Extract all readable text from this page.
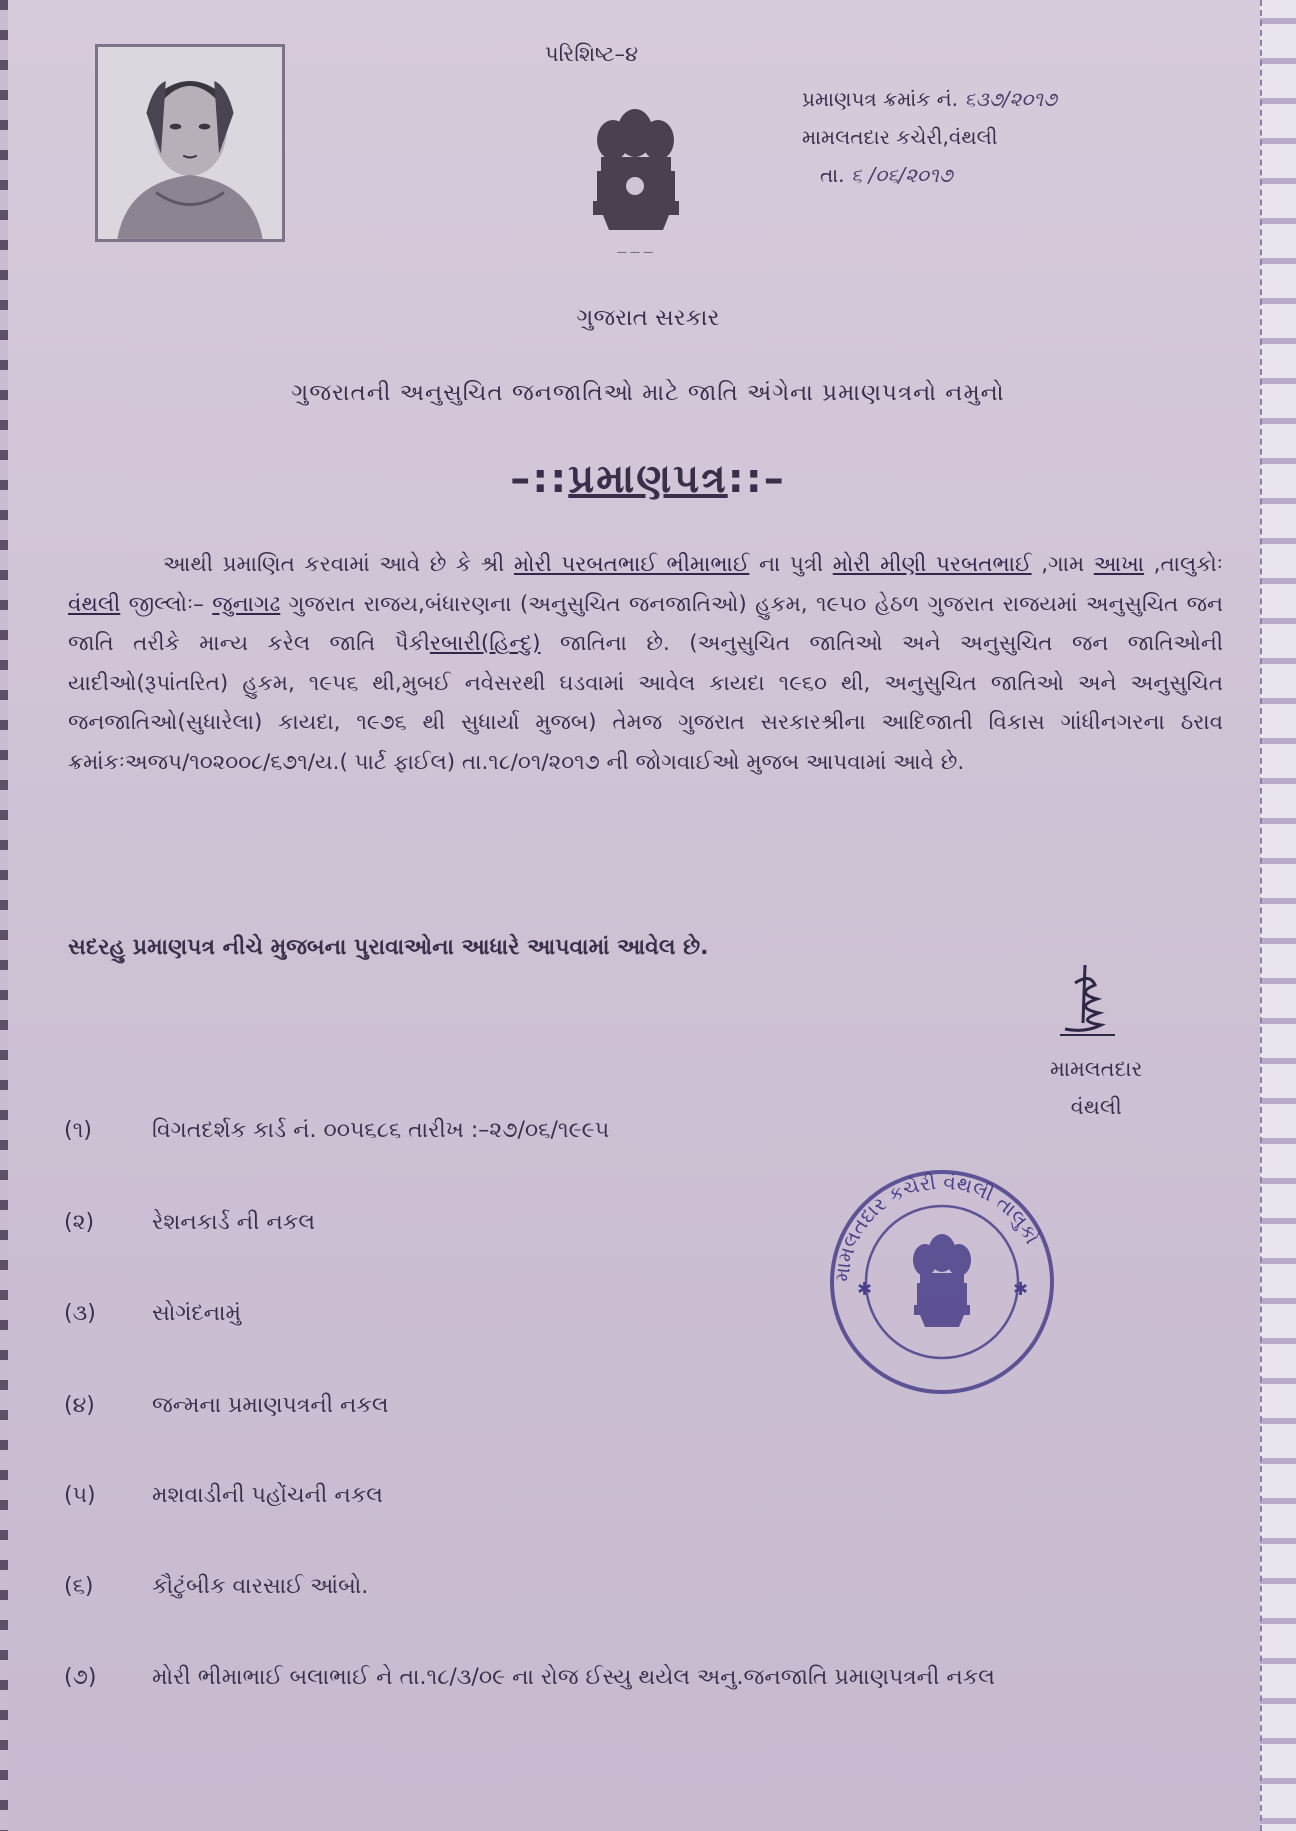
પરિશિષ્ટ–૪
— — —
પ્રમાણપત્ર ક્રમાંક નં. ૬૩૭/૨૦૧૭
મામલતદાર કચેરી,વંથલી
તા. ૬ /૦૬/૨૦૧૭
ગુજરાત સરકાર
ગુજરાતની અનુસુચિત જનજાતિઓ માટે જાતિ અંગેના પ્રમાણપત્રનો નમુનો
–::પ્રમાણપત્ર::–
આથી પ્રમાણિત કરવામાં આવે છે કે શ્રી મોરી પરબતભાઈ ભીમાભાઈ ના પુત્રી મોરી મીણી પરબતભાઈ ,ગામ આખા ,તાલુકોઃ વંથલી જીલ્લોઃ– જુનાગઢ ગુજરાત રાજય,બંધારણના (અનુસુચિત જનજાતિઓ) હુકમ, ૧૯૫૦ હેઠળ ગુજરાત રાજયમાં અનુસુચિત જન જાતિ તરીકે માન્ય કરેલ જાતિ પૈકીરબારી(હિન્દુ) જાતિના છે. (અનુસુચિત જાતિઓ અને અનુસુચિત જન જાતિઓની યાદીઓ(રૂપાંતરિત) હુકમ, ૧૯૫૬ થી,મુબઈ નવેસરથી ઘડવામાં આવેલ કાયદા ૧૯૬૦ થી, અનુસુચિત જાતિઓ અને અનુસુચિત જનજાતિઓ(સુધારેલા) કાયદા, ૧૯૭૬ થી સુધાર્યા મુજબ) તેમજ ગુજરાત સરકારશ્રીના આદિજાતી વિકાસ ગાંધીનગરના ઠરાવ ક્રમાંકઃઅજપ/૧૦૨૦૦૮/૬૭૧/ય.( પાર્ટ ફાઈલ) તા.૧૮/૦૧/૨૦૧૭ ની જોગવાઈઓ મુજબ આપવામાં આવે છે.
સદરહુ પ્રમાણપત્ર નીચે મુજબના પુરાવાઓના આધારે આપવામાં આવેલ છે.
મામલતદાર
વંથલી
(૧)	વિગતદર્શક કાર્ડ નં. ૦૦૫૬૮૬ તારીખ :–૨૭/૦૬/૧૯૯૫
(૨)	રેશનકાર્ડ ની નકલ
(૩)	સોગંદનામું
(૪)	જન્મના પ્રમાણપત્રની નકલ
(૫)	મશવાડીની પહોંચની નકલ
(૬)	કૌટુંબીક વારસાઈ આંબો.
(૭)	મોરી ભીમાભાઈ બલાભાઈ ને તા.૧૮/૩/૦૯ ના રોજ ઈસ્યુ થયેલ અનુ.જનજાતિ પ્રમાણપત્રની નકલ
મામલતદાર કચેરી વંથલી તાલુકો
✱	✱
